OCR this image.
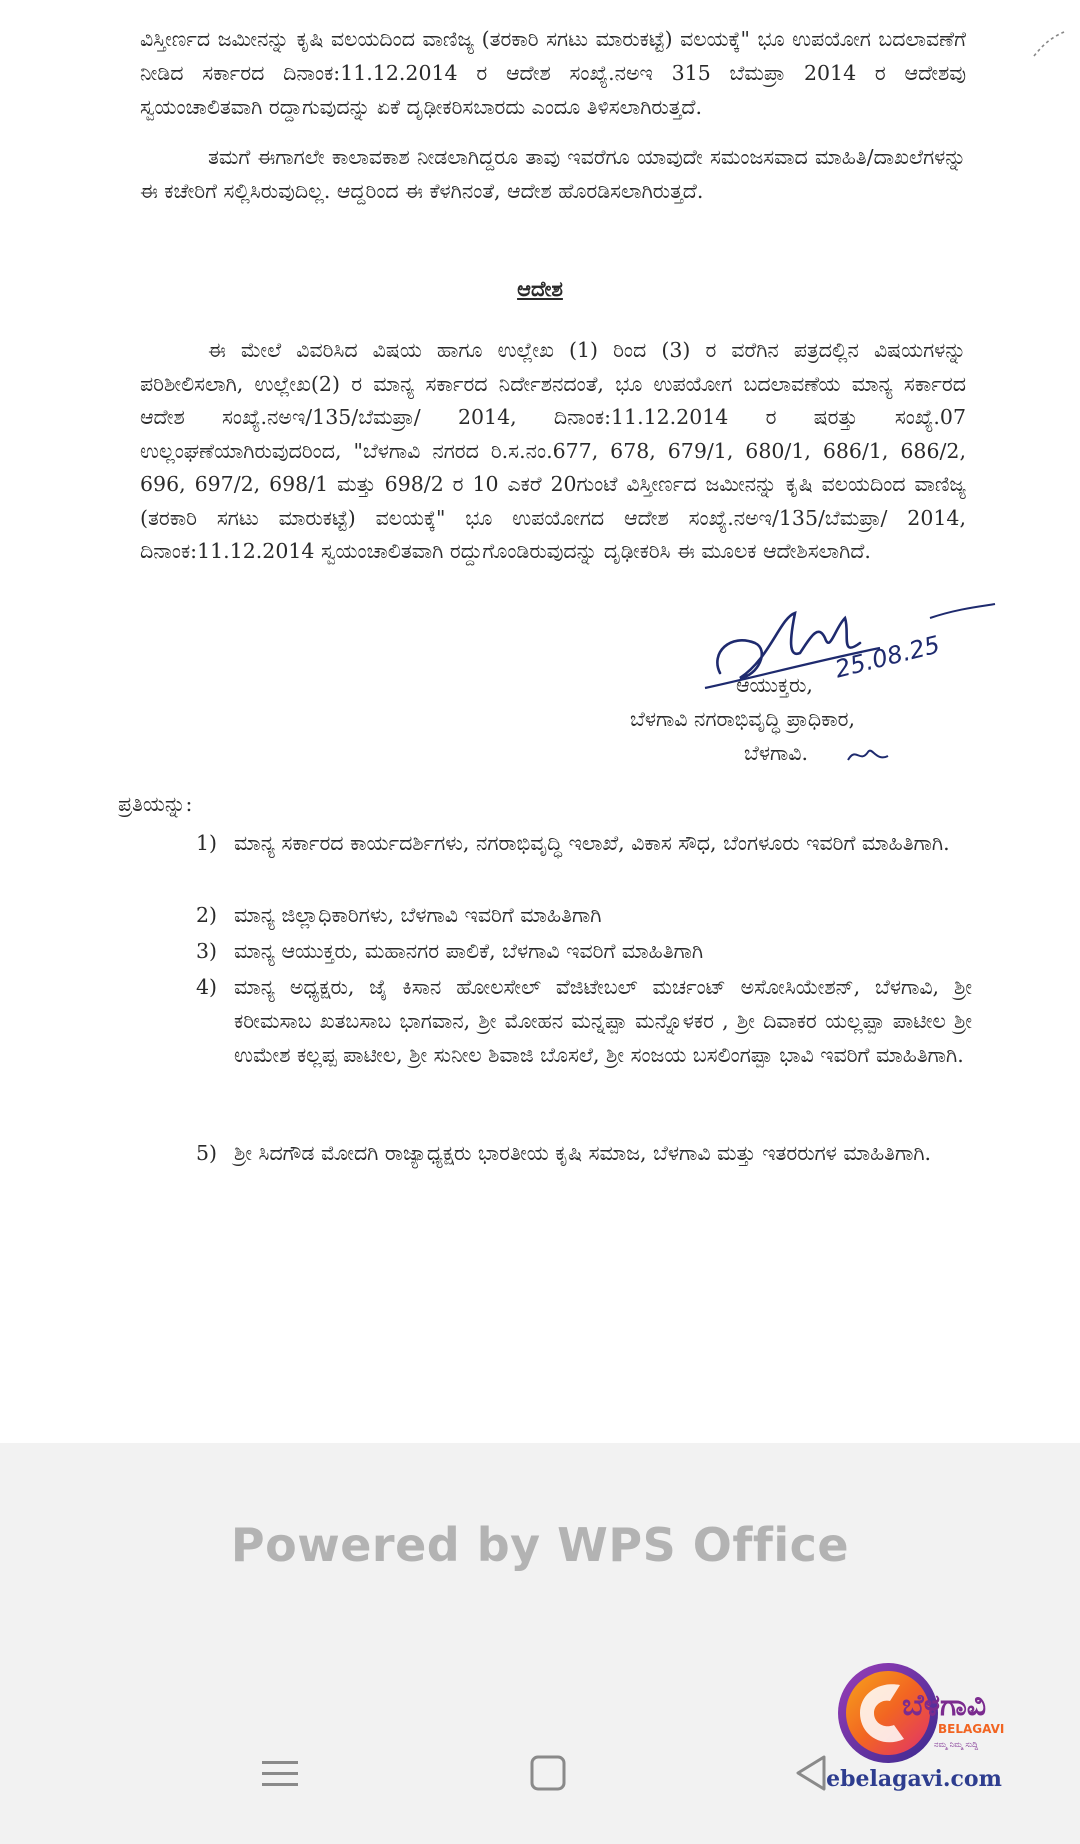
ವಿಸ್ತೀರ್ಣದ ಜಮೀನನ್ನು ಕೃಷಿ ವಲಯದಿಂದ ವಾಣಿಜ್ಯ (ತರಕಾರಿ ಸಗಟು ಮಾರುಕಟ್ಟೆ) ವಲಯಕ್ಕೆ" ಭೂ ಉಪಯೋಗ ಬದಲಾವಣೆಗೆ ನೀಡಿದ ಸರ್ಕಾರದ ದಿನಾಂಕ:11.12.2014 ರ ಆದೇಶ ಸಂಖ್ಯೆ.ನಅಇ 315 ಬೆಮಪ್ರಾ 2014 ರ ಆದೇಶವು ಸ್ವಯಂಚಾಲಿತವಾಗಿ ರದ್ದಾಗುವುದನ್ನು ಏಕೆ ದೃಢೀಕರಿಸಬಾರದು ಎಂದೂ ತಿಳಿಸಲಾಗಿರುತ್ತದೆ.
ತಮಗೆ ಈಗಾಗಲೇ ಕಾಲಾವಕಾಶ ನೀಡಲಾಗಿದ್ದರೂ ತಾವು ಇವರೆಗೂ ಯಾವುದೇ ಸಮಂಜಸವಾದ ಮಾಹಿತಿ/ದಾಖಲೆಗಳನ್ನು ಈ ಕಚೇರಿಗೆ ಸಲ್ಲಿಸಿರುವುದಿಲ್ಲ. ಆದ್ದರಿಂದ ಈ ಕೆಳಗಿನಂತೆ, ಆದೇಶ ಹೊರಡಿಸಲಾಗಿರುತ್ತದೆ.
ಆದೇಶ
ಈ ಮೇಲೆ ವಿವರಿಸಿದ ವಿಷಯ ಹಾಗೂ ಉಲ್ಲೇಖ (1) ರಿಂದ (3) ರ ವರೆಗಿನ ಪತ್ರದಲ್ಲಿನ ವಿಷಯಗಳನ್ನು ಪರಿಶೀಲಿಸಲಾಗಿ, ಉಲ್ಲೇಖ(2) ರ ಮಾನ್ಯ ಸರ್ಕಾರದ ನಿರ್ದೇಶನದಂತೆ, ಭೂ ಉಪಯೋಗ ಬದಲಾವಣೆಯ ಮಾನ್ಯ ಸರ್ಕಾರದ ಆದೇಶ ಸಂಖ್ಯೆ.ನಅಇ/135/ಬೆಮಪ್ರಾ/ 2014, ದಿನಾಂಕ:11.12.2014 ರ ಷರತ್ತು ಸಂಖ್ಯೆ.07 ಉಲ್ಲಂಘಣೆಯಾಗಿರುವುದರಿಂದ, "ಬೆಳಗಾವಿ ನಗರದ ರಿ.ಸ.ನಂ.677, 678, 679/1, 680/1, 686/1, 686/2, 696, 697/2, 698/1 ಮತ್ತು 698/2 ರ 10 ಎಕರೆ 20ಗುಂಟೆ ವಿಸ್ತೀರ್ಣದ ಜಮೀನನ್ನು ಕೃಷಿ ವಲಯದಿಂದ ವಾಣಿಜ್ಯ (ತರಕಾರಿ ಸಗಟು ಮಾರುಕಟ್ಟೆ) ವಲಯಕ್ಕೆ" ಭೂ ಉಪಯೋಗದ ಆದೇಶ ಸಂಖ್ಯೆ.ನಅಇ/135/ಬೆಮಪ್ರಾ/ 2014, ದಿನಾಂಕ:11.12.2014 ಸ್ವಯಂಚಾಲಿತವಾಗಿ ರದ್ದುಗೊಂಡಿರುವುದನ್ನು ದೃಢೀಕರಿಸಿ ಈ ಮೂಲಕ ಆದೇಶಿಸಲಾಗಿದೆ.
25.08.25
ಆಯುಕ್ತರು,
ಬೆಳಗಾವಿ ನಗರಾಭಿವೃದ್ಧಿ ಪ್ರಾಧಿಕಾರ,
ಬೆಳಗಾವಿ.
ಪ್ರತಿಯನ್ನು:
1) ಮಾನ್ಯ ಸರ್ಕಾರದ ಕಾರ್ಯದರ್ಶಿಗಳು, ನಗರಾಭಿವೃದ್ಧಿ ಇಲಾಖೆ, ವಿಕಾಸ ಸೌಧ, ಬೆಂಗಳೂರು ಇವರಿಗೆ ಮಾಹಿತಿಗಾಗಿ.
2) ಮಾನ್ಯ ಜಿಲ್ಲಾಧಿಕಾರಿಗಳು, ಬೆಳಗಾವಿ ಇವರಿಗೆ ಮಾಹಿತಿಗಾಗಿ
3) ಮಾನ್ಯ ಆಯುಕ್ತರು, ಮಹಾನಗರ ಪಾಲಿಕೆ, ಬೆಳಗಾವಿ ಇವರಿಗೆ ಮಾಹಿತಿಗಾಗಿ
4) ಮಾನ್ಯ ಅಧ್ಯಕ್ಷರು, ಜೈ ಕಿಸಾನ ಹೋಲಸೇಲ್ ವೆಜಿಟೇಬಲ್ ಮರ್ಚಂಟ್ ಅಸೋಸಿಯೇಶನ್, ಬೆಳಗಾವಿ, ಶ್ರೀ ಕರೀಮಸಾಬ ಖತಬಸಾಬ ಭಾಗವಾನ, ಶ್ರೀ ಮೋಹನ ಮನ್ನಪ್ಪಾ ಮನ್ನೊಳಕರ , ಶ್ರೀ ದಿವಾಕರ ಯಲ್ಲಪ್ಪಾ ಪಾಟೀಲ ಶ್ರೀ ಉಮೇಶ ಕಲ್ಲಪ್ಪ ಪಾಟೀಲ, ಶ್ರೀ ಸುನೀಲ ಶಿವಾಜಿ ಬೊಸಲೆ, ಶ್ರೀ ಸಂಜಯ ಬಸಲಿಂಗಪ್ಪಾ ಭಾವಿ ಇವರಿಗೆ ಮಾಹಿತಿಗಾಗಿ.
5) ಶ್ರೀ ಸಿದಗೌಡ ಮೋದಗಿ ರಾಜ್ಯಾಧ್ಯಕ್ಷರು ಭಾರತೀಯ ಕೃಷಿ ಸಮಾಜ, ಬೆಳಗಾವಿ ಮತ್ತು ಇತರರುಗಳ ಮಾಹಿತಿಗಾಗಿ.
Powered by WPS Office
ಬೆಳಗಾವಿ
BELAGAVI
ನಮ್ಮ ನಿಮ್ಮ ಸುದ್ದಿ
ebelagavi.com
